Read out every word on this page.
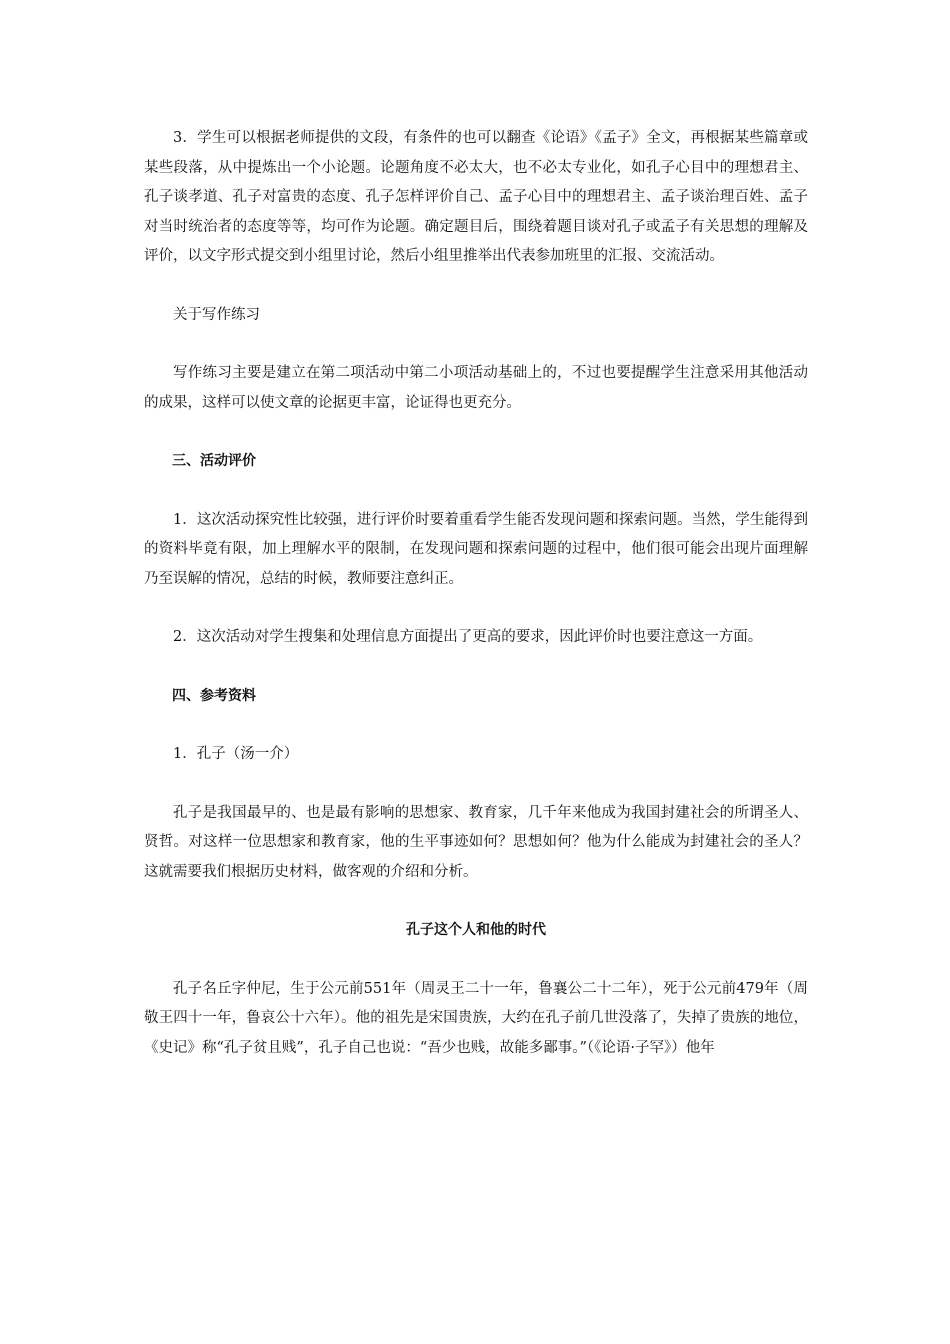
3．学生可以根据老师提供的文段，有条件的也可以翻查《论语》《孟子》全文，再根据某些篇章或某些段落，从中提炼出一个小论题。论题角度不必太大，也不必太专业化，如孔子心目中的理想君主、孔子谈孝道、孔子对富贵的态度、孔子怎样评价自己、孟子心目中的理想君主、孟子谈治理百姓、孟子对当时统治者的态度等等，均可作为论题。确定题目后，围绕着题目谈对孔子或孟子有关思想的理解及评价，以文字形式提交到小组里讨论，然后小组里推举出代表参加班里的汇报、交流活动。

关于写作练习

写作练习主要是建立在第二项活动中第二小项活动基础上的，不过也要提醒学生注意采用其他活动的成果，这样可以使文章的论据更丰富，论证得也更充分。

三、活动评价

1．这次活动探究性比较强，进行评价时要着重看学生能否发现问题和探索问题。当然，学生能得到的资料毕竟有限，加上理解水平的限制，在发现问题和探索问题的过程中，他们很可能会出现片面理解乃至误解的情况，总结的时候，教师要注意纠正。

2．这次活动对学生搜集和处理信息方面提出了更高的要求，因此评价时也要注意这一方面。

四、参考资料

1．孔子（汤一介）

孔子是我国最早的、也是最有影响的思想家、教育家，几千年来他成为我国封建社会的所谓圣人、贤哲。对这样一位思想家和教育家，他的生平事迹如何？思想如何？他为什么能成为封建社会的圣人？这就需要我们根据历史材料，做客观的介绍和分析。

孔子这个人和他的时代

孔子名丘字仲尼，生于公元前551年（周灵王二十一年，鲁襄公二十二年），死于公元前479年（周敬王四十一年，鲁哀公十六年）。他的祖先是宋国贵族，大约在孔子前几世没落了，失掉了贵族的地位，《史记》称“孔子贫且贱”，孔子自己也说：“吾少也贱，故能多鄙事。”（《论语·子罕》）他年
